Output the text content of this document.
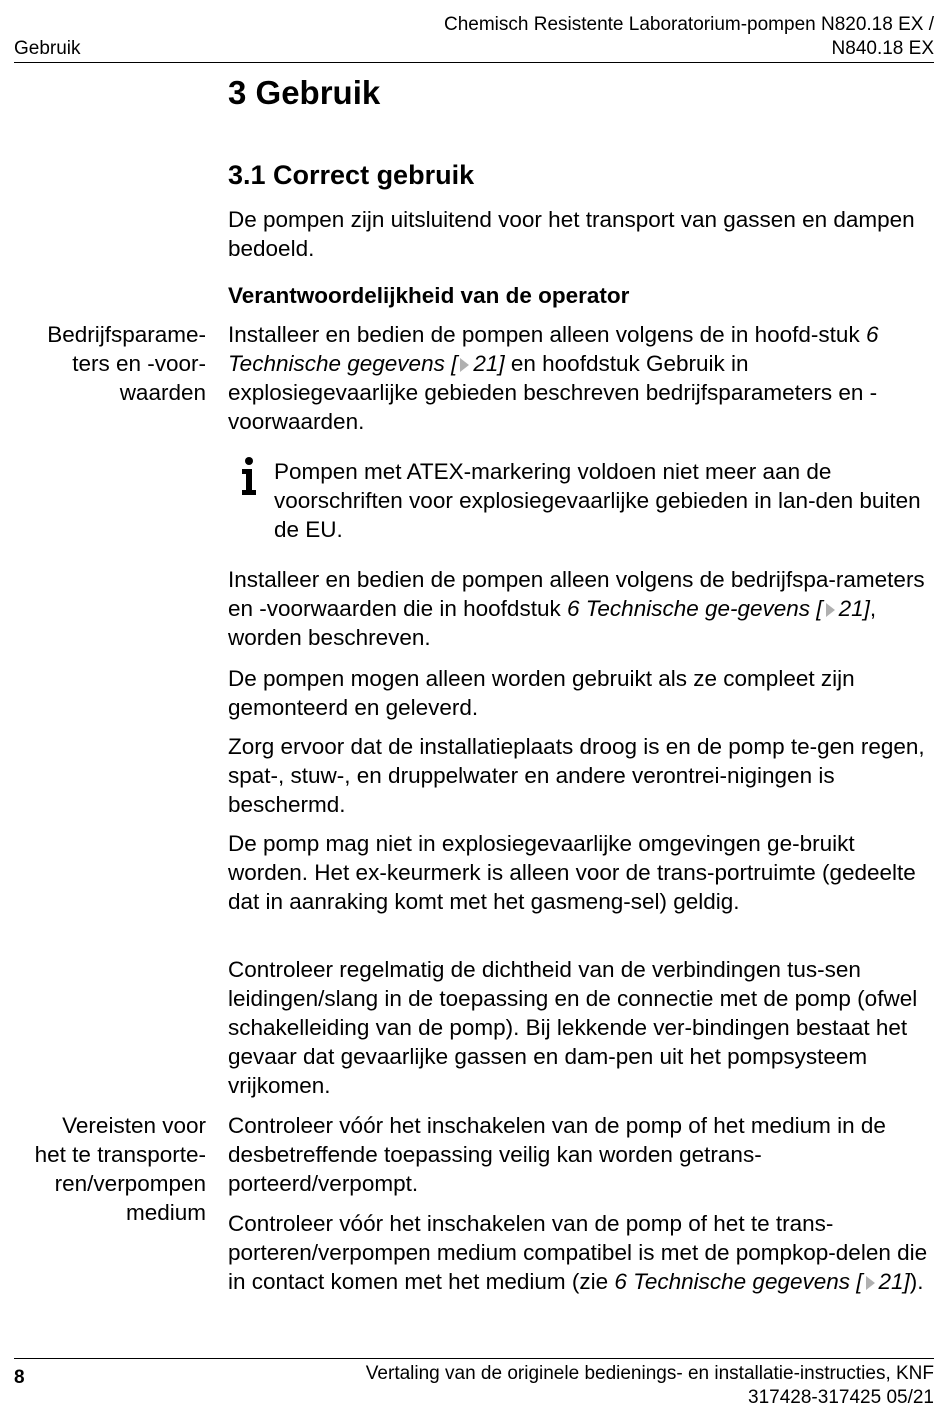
Gebruik
Chemisch Resistente Laboratorium-pompen N820.18 EX /
N840.18 EX
3 Gebruik
3.1 Correct gebruik
De pompen zijn uitsluitend voor het transport van gassen en dampen bedoeld.
Verantwoordelijkheid van de operator
Bedrijfsparame-
ters en -voor-
waarden
Installeer en bedien de pompen alleen volgens de in hoofd-stuk 6 Technische gegevens [ 21] en hoofdstuk Gebruik in explosiegevaarlijke gebieden beschreven bedrijfsparameters en -voorwaarden.
Pompen met ATEX-markering voldoen niet meer aan de voorschriften voor explosiegevaarlijke gebieden in lan-den buiten de EU.
Installeer en bedien de pompen alleen volgens de bedrijfspa-rameters en -voorwaarden die in hoofdstuk 6 Technische ge-gevens [ 21], worden beschreven.
De pompen mogen alleen worden gebruikt als ze compleet zijn gemonteerd en geleverd.
Zorg ervoor dat de installatieplaats droog is en de pomp te-gen regen, spat-, stuw-, en druppelwater en andere verontrei-nigingen is beschermd.
De pomp mag niet in explosiegevaarlijke omgevingen ge-bruikt worden. Het ex-keurmerk is alleen voor de trans-portruimte (gedeelte dat in aanraking komt met het gasmeng-sel) geldig.
Controleer regelmatig de dichtheid van de verbindingen tus-sen leidingen/slang in de toepassing en de connectie met de pomp (ofwel schakelleiding van de pomp). Bij lekkende ver-bindingen bestaat het gevaar dat gevaarlijke gassen en dam-pen uit het pompsysteem vrijkomen.
Vereisten voor
het te transporte-
ren/verpompen
medium
Controleer vóór het inschakelen van de pomp of het medium in de desbetreffende toepassing veilig kan worden getrans-porteerd/verpompt.
Controleer vóór het inschakelen van de pomp of het te trans-porteren/verpompen medium compatibel is met de pompkop-delen die in contact komen met het medium (zie 6 Technische gegevens [ 21]).
8	Vertaling van de originele bedienings- en installatie-instructies, KNF
317428-317425 05/21
